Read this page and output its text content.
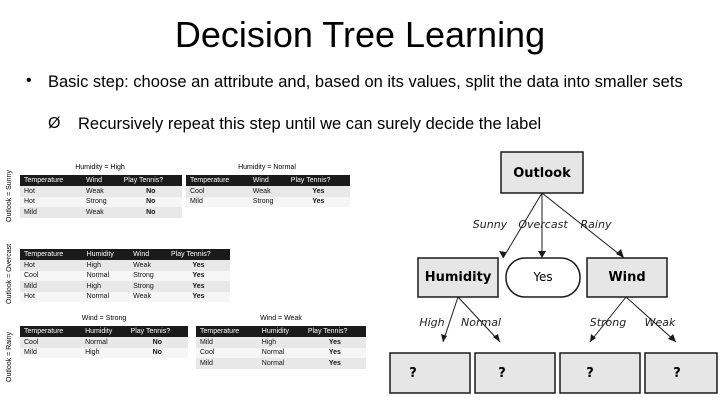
Decision Tree Learning
• Basic step: choose an attribute and, based on its values, split the data into smaller sets
Ø Recursively repeat this step until we can surely decide the label
Outlook = Sunny
Outlook = Overcast
Outlook = Rainy
Humidity = High
Temperature	Wind	Play Tennis?
Hot	Weak	No
Hot	Strong	No
Mild	Weak	No
Humidity = Normal
Temperature	Wind	Play Tennis?
Cool	Weak	Yes
Mild	Strong	Yes
Temperature	Humidity	Wind	Play Tennis?
Hot	High	Weak	Yes
Cool	Normal	Strong	Yes
Mild	High	Strong	Yes
Hot	Normal	Weak	Yes
Wind = Strong
Temperature	Humidity	Play Tennis?
Cool	Normal	No
Mild	High	No
Wind = Weak
Temperature	Humidity	Play Tennis?
Mild	High	Yes
Cool	Normal	Yes
Mild	Normal	Yes
Outlook
Humidity	Yes	Wind
?	?	?	?
Sunny Overcast Rainy
High Normal	Strong Weak
